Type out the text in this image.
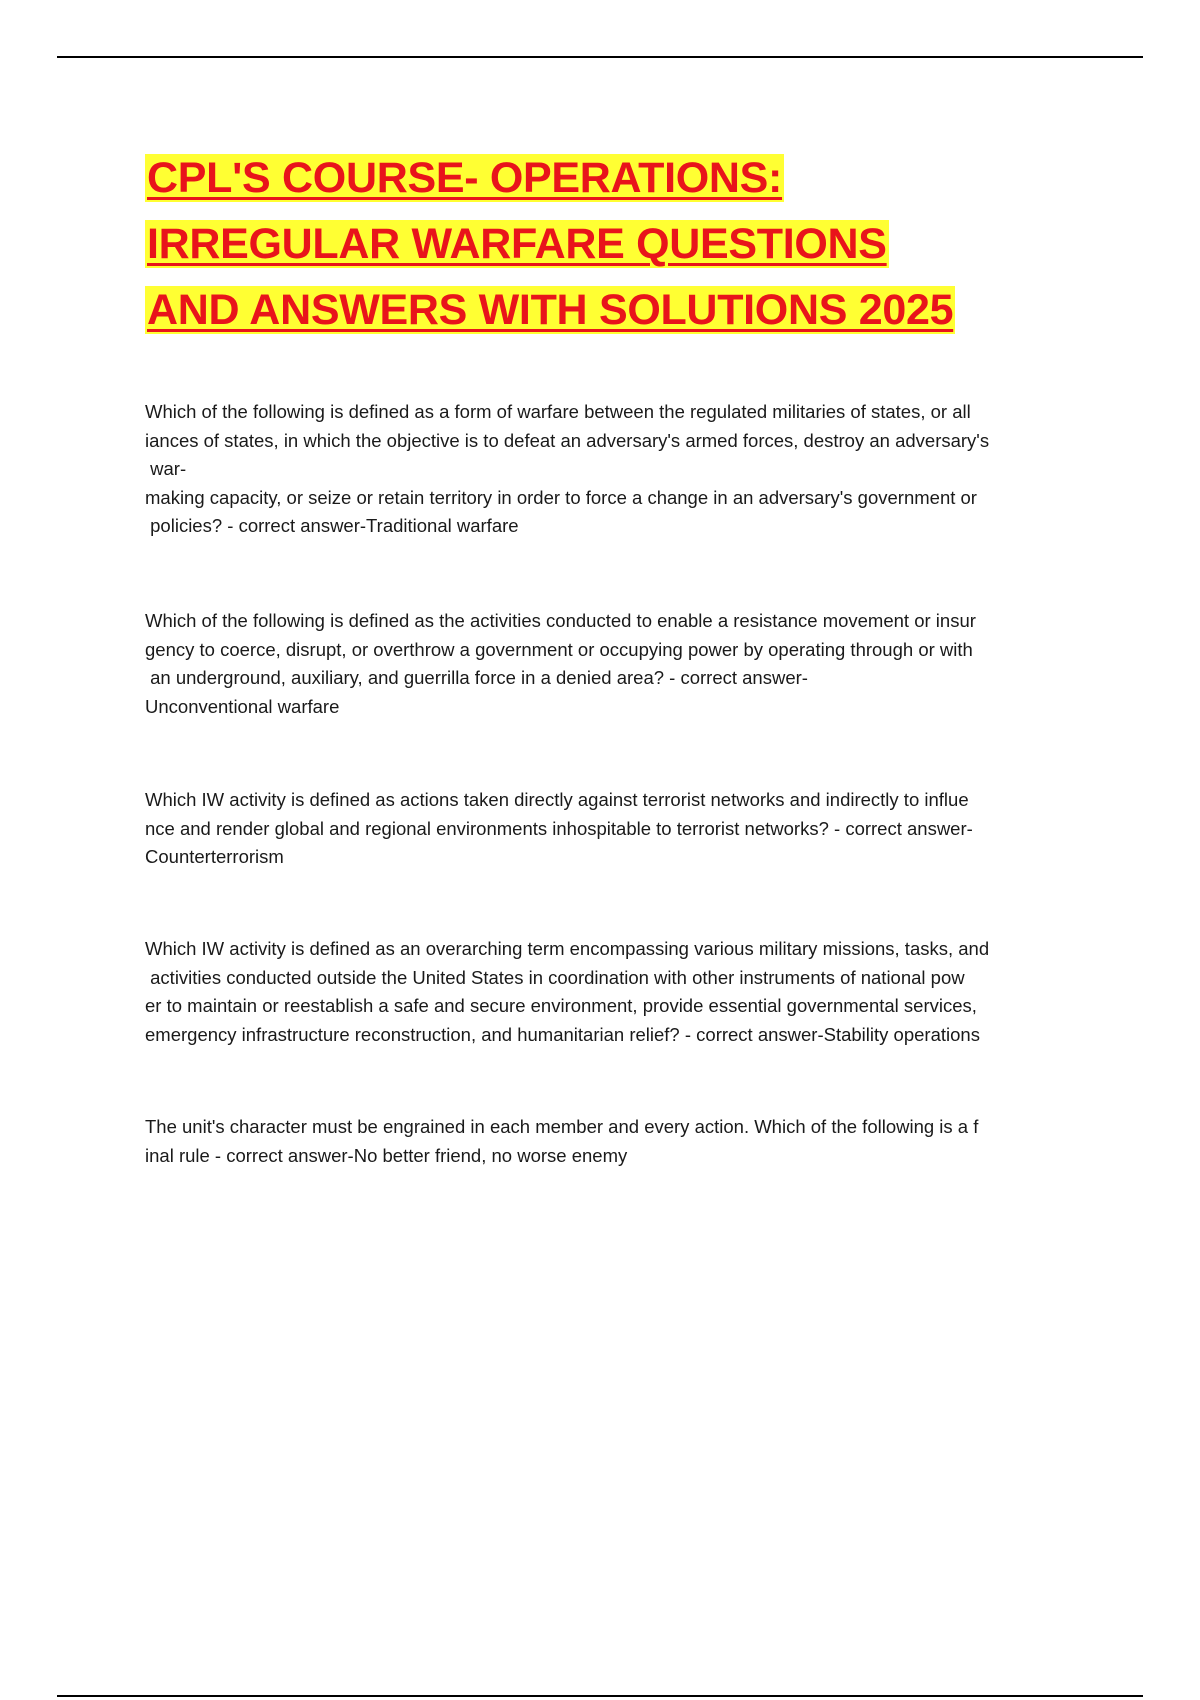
CPL'S COURSE- OPERATIONS:
IRREGULAR WARFARE QUESTIONS
AND ANSWERS WITH SOLUTIONS 2025

Which of the following is defined as a form of warfare between the regulated militaries of states, or all

iances of states, in which the objective is to defeat an adversary's armed forces, destroy an adversary's

war-

making capacity, or seize or retain territory in order to force a change in an adversary's government or

policies? - correct answer-Traditional warfare

Which of the following is defined as the activities conducted to enable a resistance movement or insur

gency to coerce, disrupt, or overthrow a government or occupying power by operating through or with

an underground, auxiliary, and guerrilla force in a denied area? - correct answer-

Unconventional warfare

Which IW activity is defined as actions taken directly against terrorist networks and indirectly to influe

nce and render global and regional environments inhospitable to terrorist networks? - correct answer-

Counterterrorism

Which IW activity is defined as an overarching term encompassing various military missions, tasks, and

activities conducted outside the United States in coordination with other instruments of national pow

er to maintain or reestablish a safe and secure environment, provide essential governmental services,

emergency infrastructure reconstruction, and humanitarian relief? - correct answer-Stability operations

The unit's character must be engrained in each member and every action. Which of the following is a f

inal rule - correct answer-No better friend, no worse enemy
